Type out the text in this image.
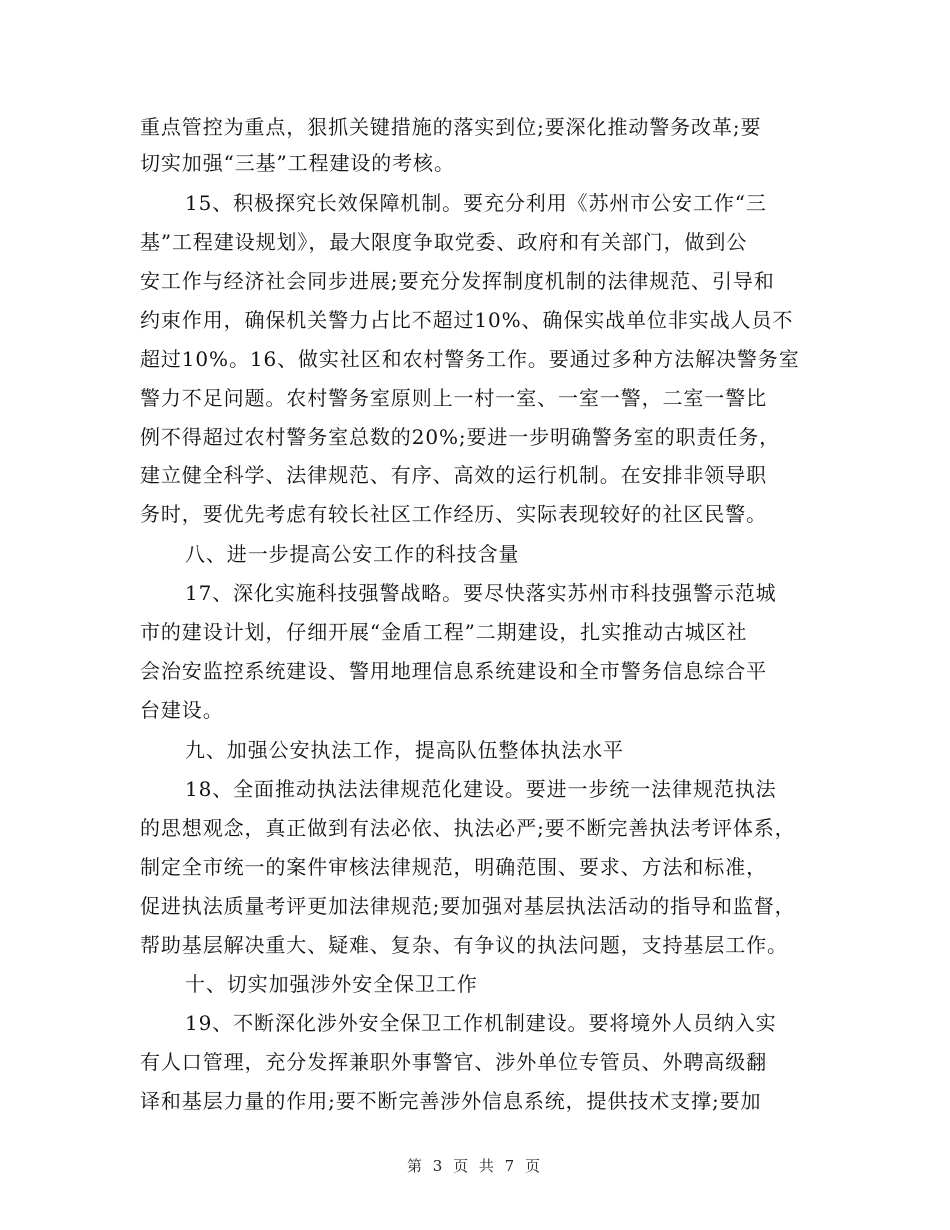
重点管控为重点，狠抓关键措施的落实到位;要深化推动警务改革;要
切实加强“三基”工程建设的考核。
15、积极探究长效保障机制。要充分利用《苏州市公安工作“三
基”工程建设规划》，最大限度争取党委、政府和有关部门，做到公
安工作与经济社会同步进展;要充分发挥制度机制的法律规范、引导和
约束作用，确保机关警力占比不超过10%、确保实战单位非实战人员不
超过10%。16、做实社区和农村警务工作。要通过多种方法解决警务室
警力不足问题。农村警务室原则上一村一室、一室一警，二室一警比
例不得超过农村警务室总数的20%;要进一步明确警务室的职责任务，
建立健全科学、法律规范、有序、高效的运行机制。在安排非领导职
务时，要优先考虑有较长社区工作经历、实际表现较好的社区民警。
八、进一步提高公安工作的科技含量
17、深化实施科技强警战略。要尽快落实苏州市科技强警示范城
市的建设计划，仔细开展“金盾工程”二期建设，扎实推动古城区社
会治安监控系统建设、警用地理信息系统建设和全市警务信息综合平
台建设。
九、加强公安执法工作，提高队伍整体执法水平
18、全面推动执法法律规范化建设。要进一步统一法律规范执法
的思想观念，真正做到有法必依、执法必严;要不断完善执法考评体系，
制定全市统一的案件审核法律规范，明确范围、要求、方法和标准，
促进执法质量考评更加法律规范;要加强对基层执法活动的指导和监督，
帮助基层解决重大、疑难、复杂、有争议的执法问题，支持基层工作。
十、切实加强涉外安全保卫工作
19、不断深化涉外安全保卫工作机制建设。要将境外人员纳入实
有人口管理，充分发挥兼职外事警官、涉外单位专管员、外聘高级翻
译和基层力量的作用;要不断完善涉外信息系统，提供技术支撑;要加
第 3 页 共 7 页
